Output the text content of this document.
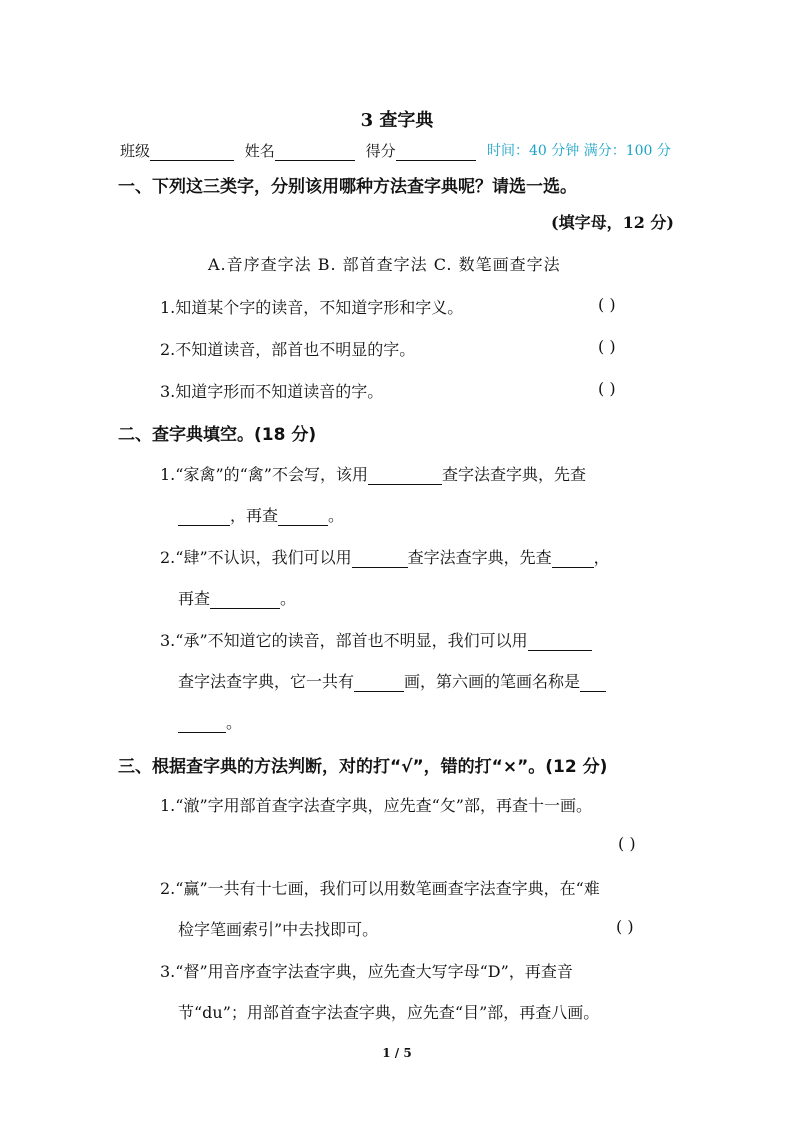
3 查字典
班级	姓名	得分	时间：40 分钟 满分：100 分
一、下列这三类字，分别该用哪种方法查字典呢？请选一选。
(填字母，12 分)
A.音序查字法 B. 部首查字法 C. 数笔画查字法
1.知道某个字的读音，不知道字形和字义。	( )
2.不知道读音，部首也不明显的字。	( )
3.知道字形而不知道读音的字。	( )
二、查字典填空。(18 分)
1.“家禽”的“禽”不会写，该用	查字法查字典，先查
，再查	。
2.“肆”不认识，我们可以用	查字法查字典，先查	，
再查	。
3.“承”不知道它的读音，部首也不明显，我们可以用
查字法查字典，它一共有	画，第六画的笔画名称是
。
三、根据查字典的方法判断，对的打“√”，错的打“×”。(12 分)
1.“澈”字用部首查字法查字典，应先查“攵”部，再查十一画。
( )
2.“赢”一共有十七画，我们可以用数笔画查字法查字典，在“难
检字笔画索引”中去找即可。	( )
3.“督”用音序查字法查字典，应先查大写字母“D”，再查音
节“du”；用部首查字法查字典，应先查“目”部，再查八画。
1 / 5
